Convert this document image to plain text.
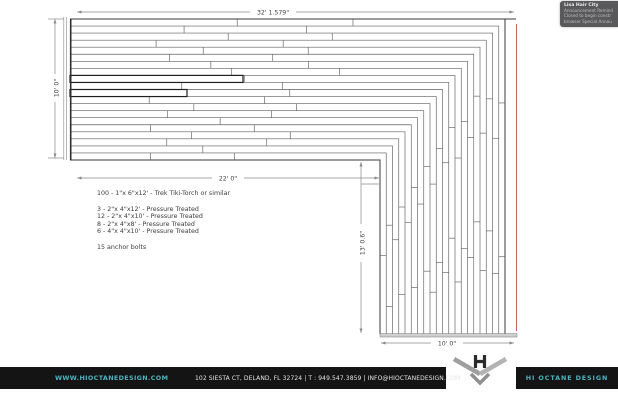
32' 1.579"
10' 0"
22' 0"
13' 0.6"
10' 0"
100 - 1"x 6"x12' - Trek Tiki-Torch or similar
3 - 2"x 4"x12' - Pressure Treated
12 - 2"x 4"x10' - Pressure Treated
8 - 2"x 4"x8' - Pressure Treated
6 - 4"x 4"x10' - Pressure Treated
15 anchor bolts
Lisa Hair City
Announcement Remind
Closed to begin constr
browser Special Annou
WWW.HIOCTANEDESIGN.COM	102 SIESTA CT, DELAND, FL 32724 | T : 949.547.3859 | INFO@HIOCTANEDESIGN.COM	HI OCTANE DESIGN
